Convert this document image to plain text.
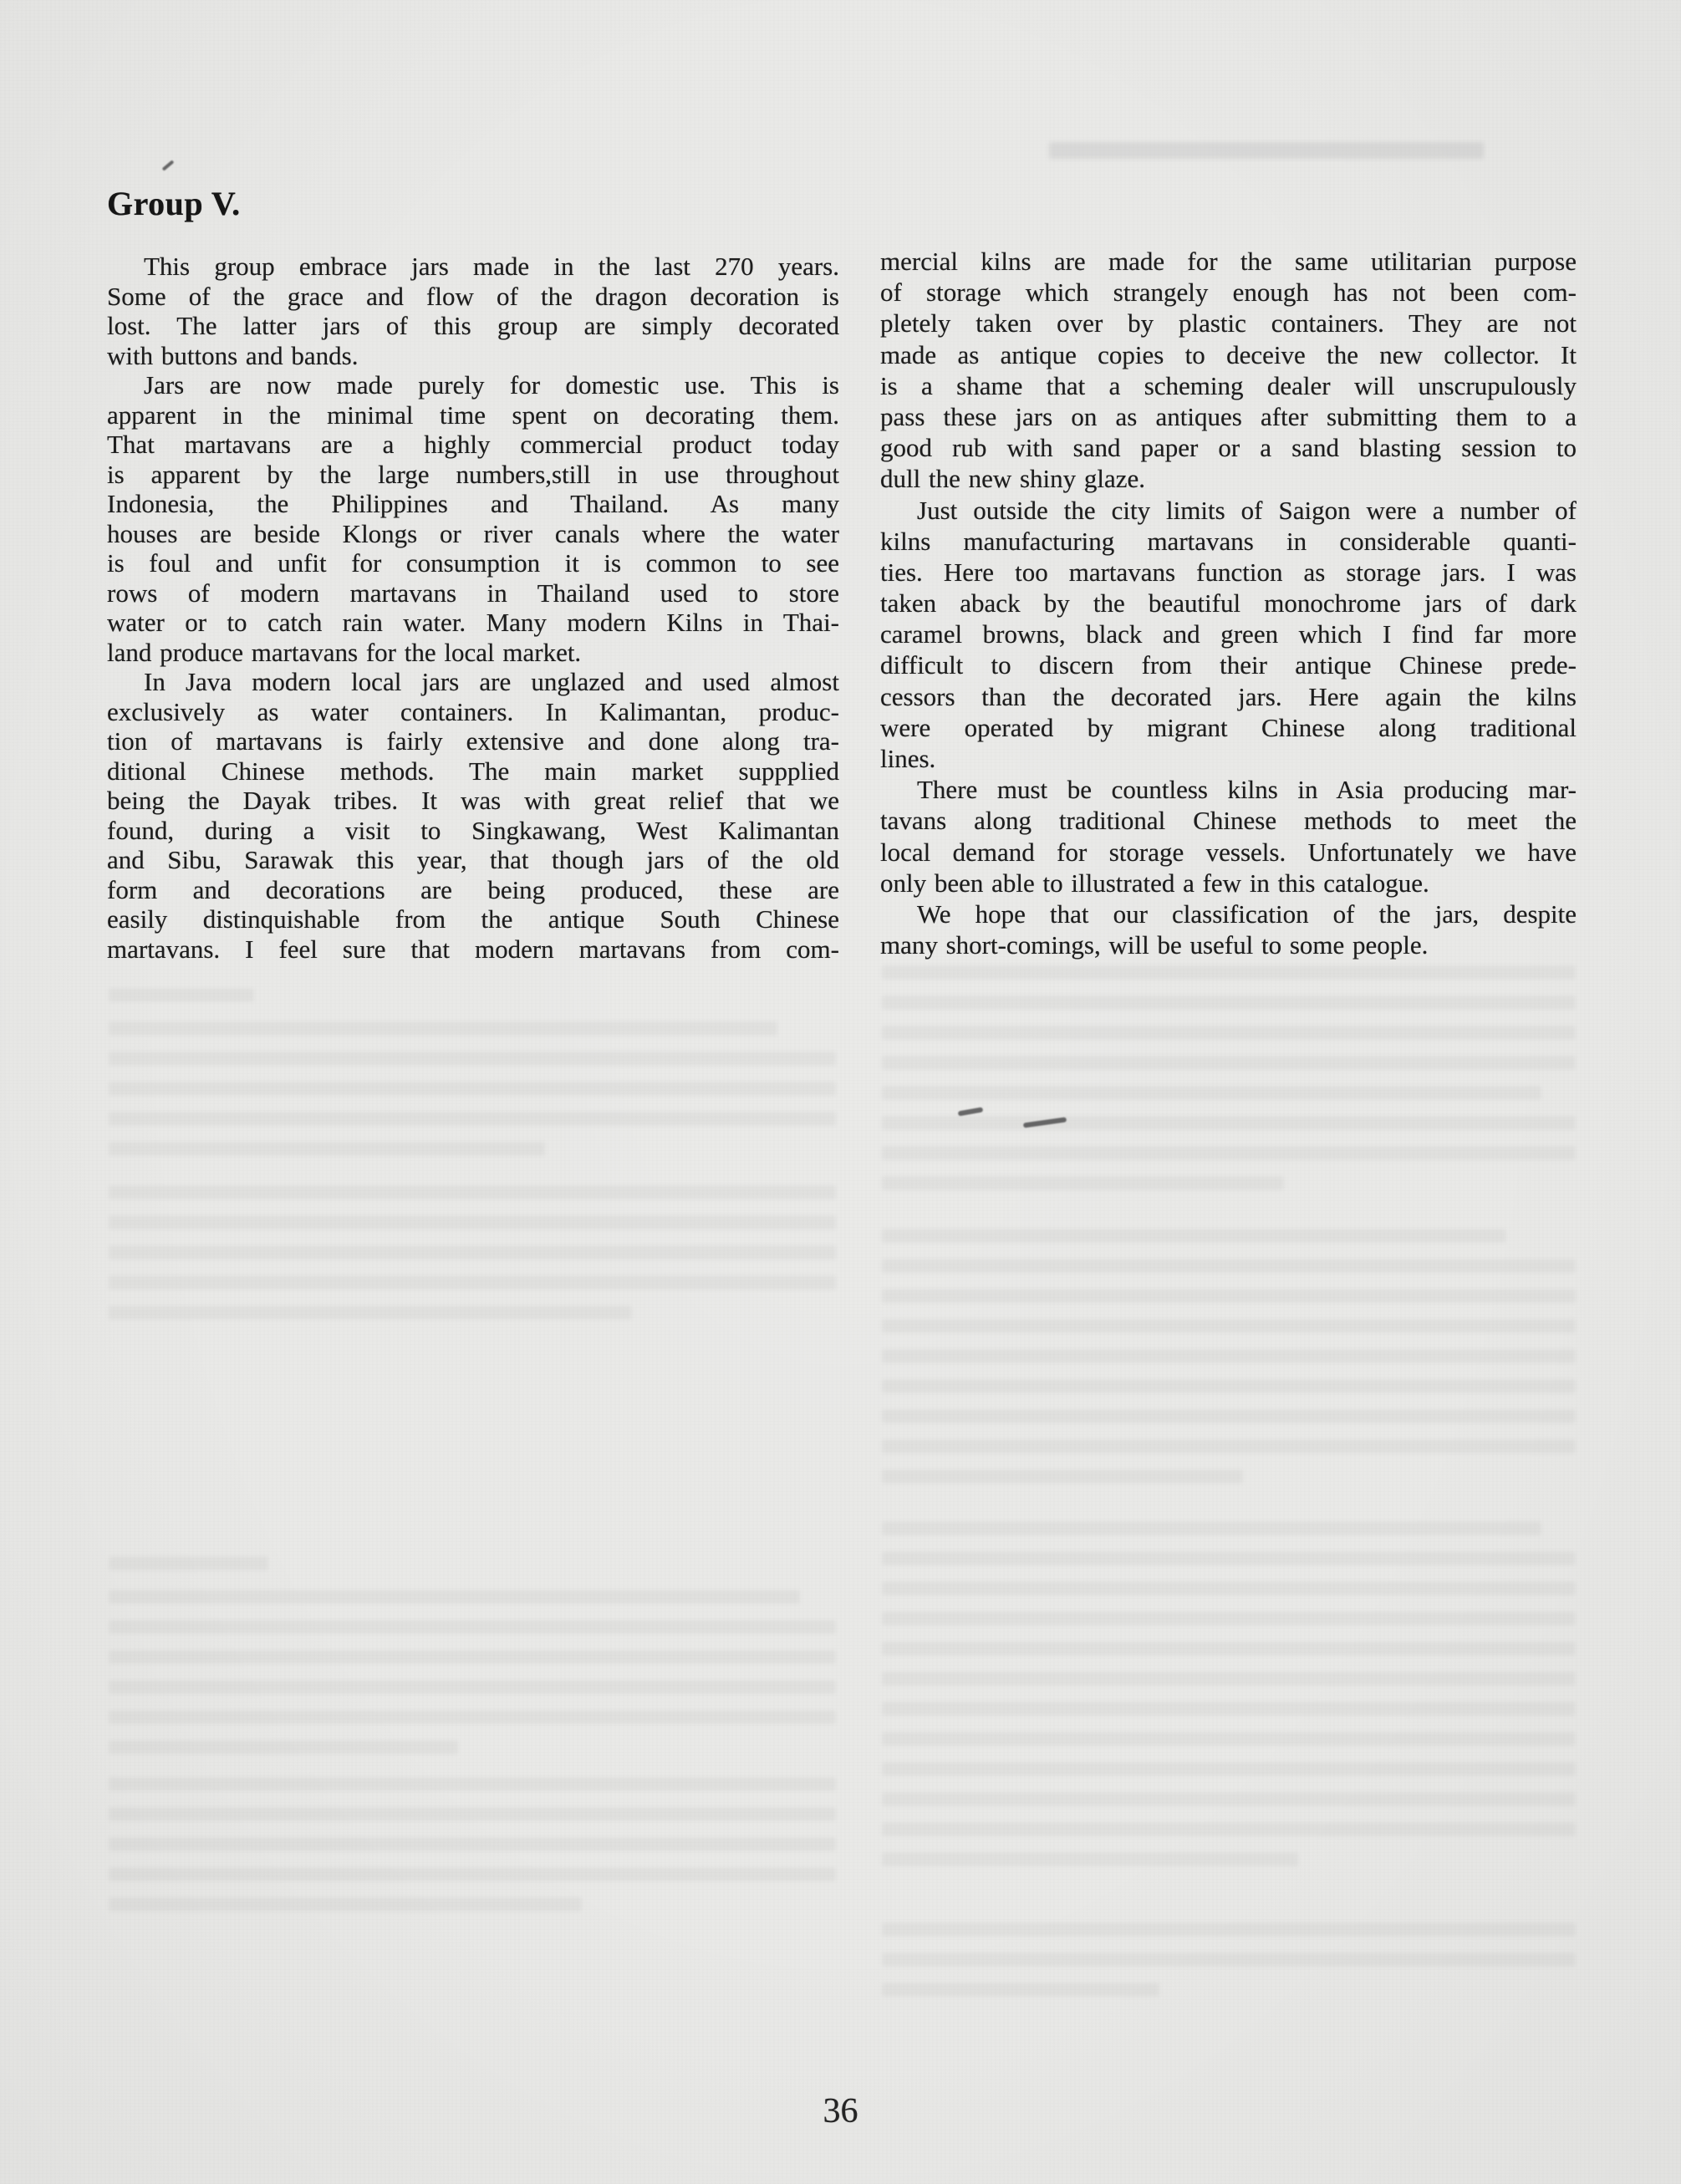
Group V.
This group embrace jars made in the last 270 years.
Some of the grace and flow of the dragon decoration is
lost. The latter jars of this group are simply decorated
with buttons and bands.
Jars are now made purely for domestic use. This is
apparent in the minimal time spent on decorating them.
That martavans are a highly commercial product today
is apparent by the large numbers,still in use throughout
Indonesia, the Philippines and Thailand. As many
houses are beside Klongs or river canals where the water
is foul and unfit for consumption it is common to see
rows of modern martavans in Thailand used to store
water or to catch rain water. Many modern Kilns in Thai-
land produce martavans for the local market.
In Java modern local jars are unglazed and used almost
exclusively as water containers. In Kalimantan, produc-
tion of martavans is fairly extensive and done along tra-
ditional Chinese methods. The main market suppplied
being the Dayak tribes. It was with great relief that we
found, during a visit to Singkawang, West Kalimantan
and Sibu, Sarawak this year, that though jars of the old
form and decorations are being produced, these are
easily distinquishable from the antique South Chinese
martavans. I feel sure that modern martavans from com-
mercial kilns are made for the same utilitarian purpose
of storage which strangely enough has not been com-
pletely taken over by plastic containers. They are not
made as antique copies to deceive the new collector. It
is a shame that a scheming dealer will unscrupulously
pass these jars on as antiques after submitting them to a
good rub with sand paper or a sand blasting session to
dull the new shiny glaze.
Just outside the city limits of Saigon were a number of
kilns manufacturing martavans in considerable quanti-
ties. Here too martavans function as storage jars. I was
taken aback by the beautiful monochrome jars of dark
caramel browns, black and green which I find far more
difficult to discern from their antique Chinese prede-
cessors than the decorated jars. Here again the kilns
were operated by migrant Chinese along traditional
lines.
There must be countless kilns in Asia producing mar-
tavans along traditional Chinese methods to meet the
local demand for storage vessels. Unfortunately we have
only been able to illustrated a few in this catalogue.
We hope that our classification of the jars, despite
many short-comings, will be useful to some people.
36
